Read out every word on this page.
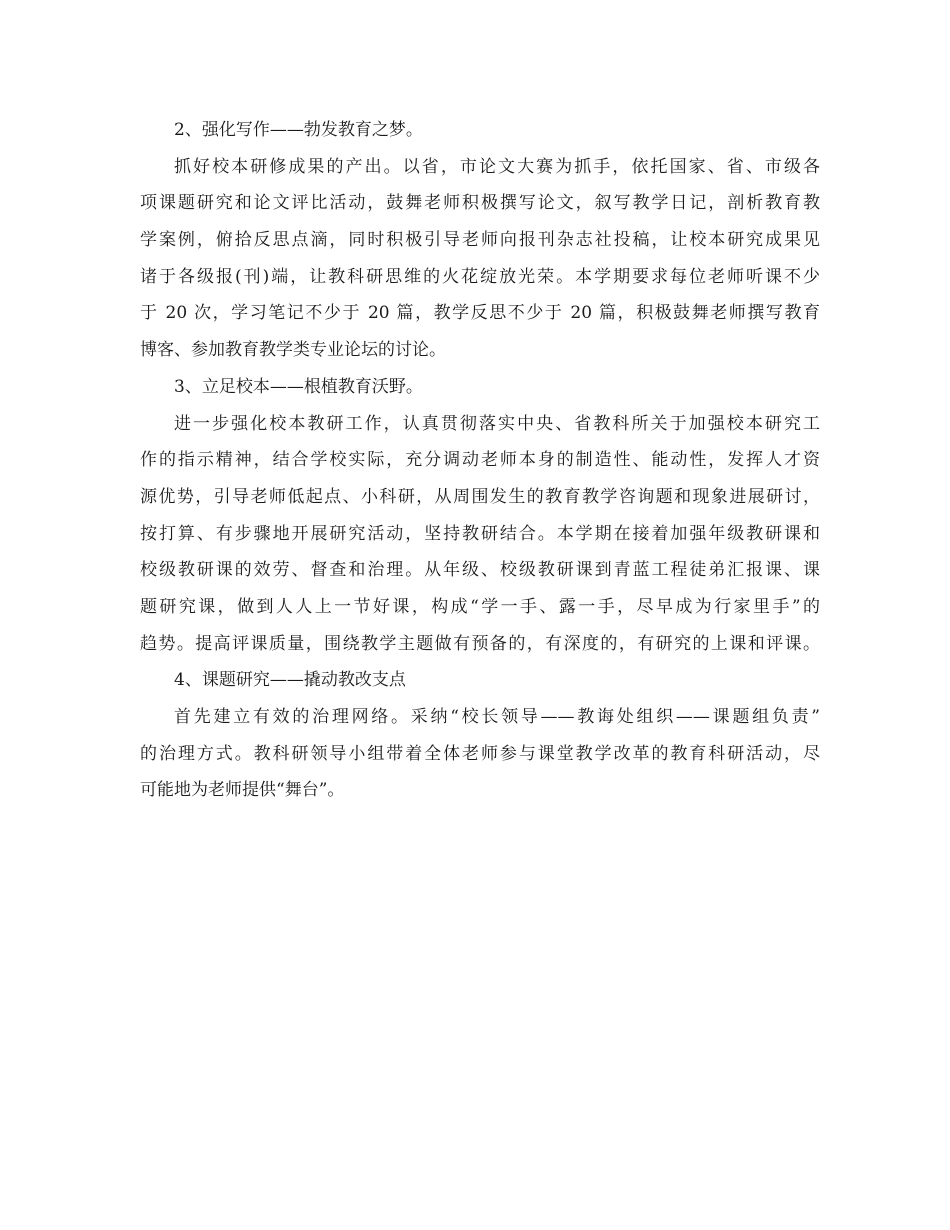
2、强化写作——勃发教育之梦。
抓好校本研修成果的产出。以省，市论文大赛为抓手，依托国家、省、市级各
项课题研究和论文评比活动，鼓舞老师积极撰写论文，叙写教学日记，剖析教育教
学案例，俯拾反思点滴，同时积极引导老师向报刊杂志社投稿，让校本研究成果见
诸于各级报(刊)端，让教科研思维的火花绽放光荣。本学期要求每位老师听课不少
于 20 次，学习笔记不少于 20 篇，教学反思不少于 20 篇，积极鼓舞老师撰写教育
博客、参加教育教学类专业论坛的讨论。
3、立足校本——根植教育沃野。
进一步强化校本教研工作，认真贯彻落实中央、省教科所关于加强校本研究工
作的指示精神，结合学校实际，充分调动老师本身的制造性、能动性，发挥人才资
源优势，引导老师低起点、小科研，从周围发生的教育教学咨询题和现象进展研讨，
按打算、有步骤地开展研究活动，坚持教研结合。本学期在接着加强年级教研课和
校级教研课的效劳、督查和治理。从年级、校级教研课到青蓝工程徒弟汇报课、课
题研究课，做到人人上一节好课，构成“学一手、露一手，尽早成为行家里手”的
趋势。提高评课质量，围绕教学主题做有预备的，有深度的，有研究的上课和评课。
4、课题研究——撬动教改支点
首先建立有效的治理网络。采纳“校长领导——教诲处组织——课题组负责”
的治理方式。教科研领导小组带着全体老师参与课堂教学改革的教育科研活动，尽
可能地为老师提供“舞台”。
